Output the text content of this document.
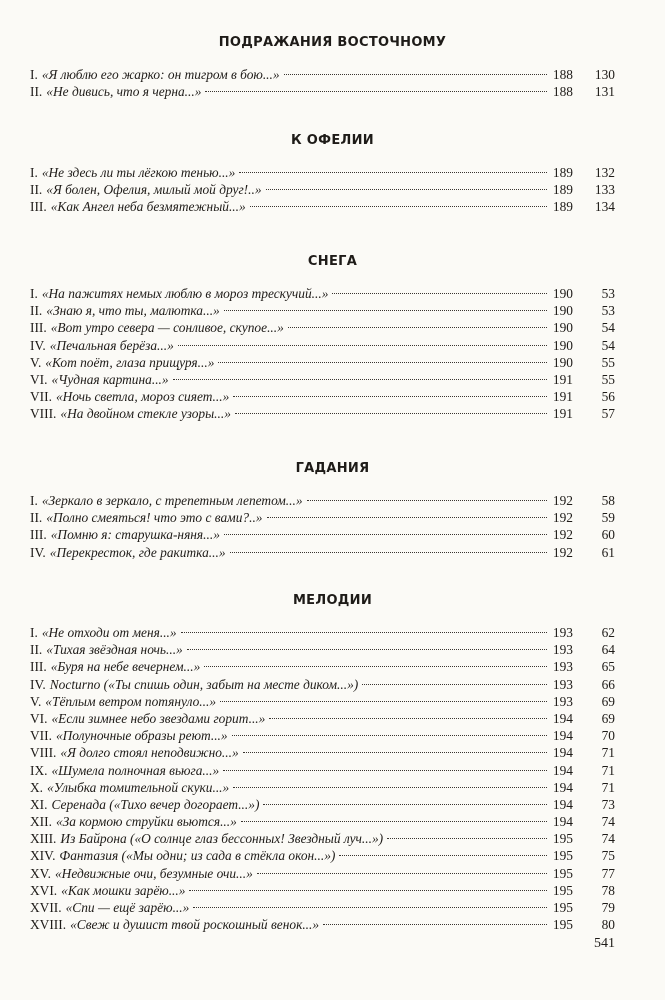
ПОДРАЖАНИЯ ВОСТОЧНОМУ
I. «Я люблю его жарко: он тигром в бою...»	188	130
II. «Не дивись, что я черна...»	188	131
К ОФЕЛИИ
I. «Не здесь ли ты лёгкою тенью...»	189	132
II. «Я болен, Офелия, милый мой друг!..»	189	133
III. «Как Ангел неба безмятежный...»	189	134
СНЕГА
I. «На пажитях немых люблю в мороз трескучий...»	190	53
II. «Знаю я, что ты, малютка...»	190	53
III. «Вот утро севера — сонливое, скупое...»	190	54
IV. «Печальная берёза...»	190	54
V. «Кот поёт, глаза прищуря...»	190	55
VI. «Чудная картина...»	191	55
VII. «Ночь светла, мороз сияет...»	191	56
VIII. «На двойном стекле узоры...»	191	57
ГАДАНИЯ
I. «Зеркало в зеркало, с трепетным лепетом...»	192	58
II. «Полно смеяться! что это с вами?..»	192	59
III. «Помню я: старушка-няня...»	192	60
IV. «Перекресток, где ракитка...»	192	61
МЕЛОДИИ
I. «Не отходи от меня...»	193	62
II. «Тихая звёздная ночь...»	193	64
III. «Буря на небе вечернем...»	193	65
IV. Nocturno («Ты спишь один, забыт на месте диком...»)	193	66
V. «Тёплым ветром потянуло...»	193	69
VI. «Если зимнее небо звездами горит...»	194	69
VII. «Полуночные образы реют...»	194	70
VIII. «Я долго стоял неподвижно...»	194	71
IX. «Шумела полночная вьюга...»	194	71
X. «Улыбка томительной скуки...»	194	71
XI. Серенада («Тихо вечер догорает...»)	194	73
XII. «За кормою струйки вьются...»	194	74
XIII. Из Байрона («О солнце глаз бессонных! Звездный луч...»)	195	74
XIV. Фантазия («Мы одни; из сада в стёкла окон...»)	195	75
XV. «Недвижные очи, безумные очи...»	195	77
XVI. «Как мошки зарёю...»	195	78
XVII. «Спи — ещё зарёю...»	195	79
XVIII. «Свеж и душист твой роскошный венок...»	195	80
541
